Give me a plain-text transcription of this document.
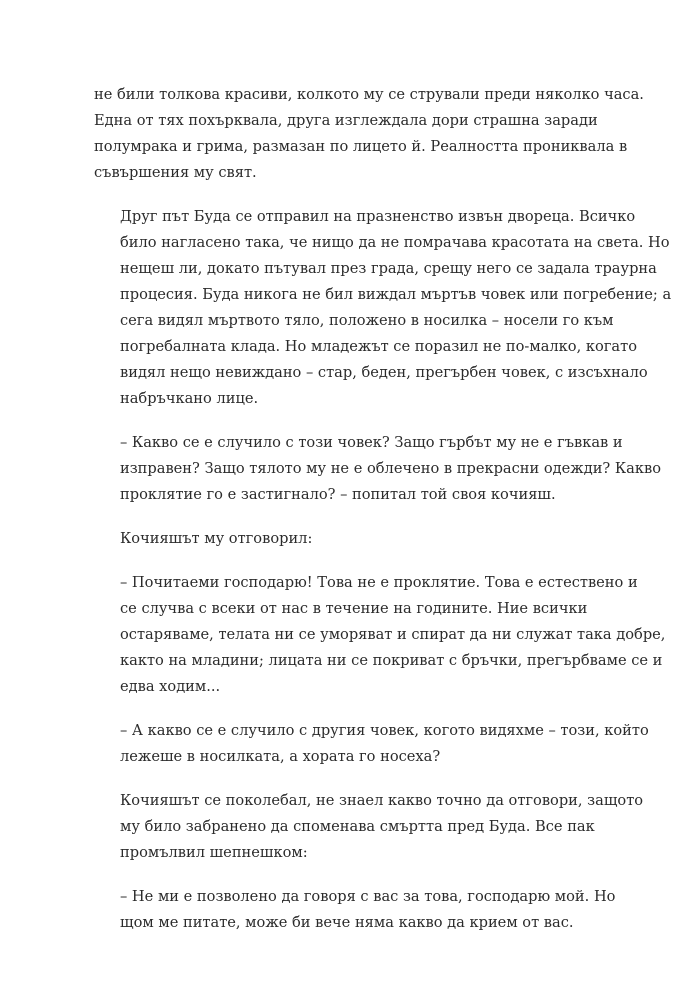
не били толкова красиви, колкото му се стрували преди няколко часа.
Една от тях похърквала, друга изглеждала дори страшна заради
полумрака и грима, размазан по лицето й. Реалността прониквала в
съвършения му свят.

Друг път Буда се отправил на празненство извън двореца. Всичко
било нагласено така, че нищо да не помрачава красотата на света. Но
нещеш ли, докато пътувал през града, срещу него се задала траурна
процесия. Буда никога не бил виждал мъртъв човек или погребение; а
сега видял мъртвото тяло, положено в носилка – носели го към
погребалната клада. Но младежът се поразил не по-малко, когато
видял нещо невиждано – стар, беден, прегърбен човек, с изсъхнало
набръчкано лице.

– Какво се е случило с този човек? Защо гърбът му не е гъвкав и
изправен? Защо тялото му не е облечено в прекрасни одежди? Какво
проклятие го е застигнало? – попитал той своя кочияш.

Кочияшът му отговорил:

– Почитаеми господарю! Това не е проклятие. Това е естествено и
се случва с всеки от нас в течение на годините. Ние всички
остаряваме, телата ни се уморяват и спират да ни служат така добре,
както на младини; лицата ни се покриват с бръчки, прегърбваме се и
едва ходим...

– А какво се е случило с другия човек, когото видяхме – този, който
лежеше в носилката, а хората го носеха?

Кочияшът се поколебал, не знаел какво точно да отговори, защото
му било забранено да споменава смъртта пред Буда. Все пак
промълвил шепнешком:

– Не ми е позволено да говоря с вас за това, господарю мой. Но
щом ме питате, може би вече няма какво да крием от вас.
